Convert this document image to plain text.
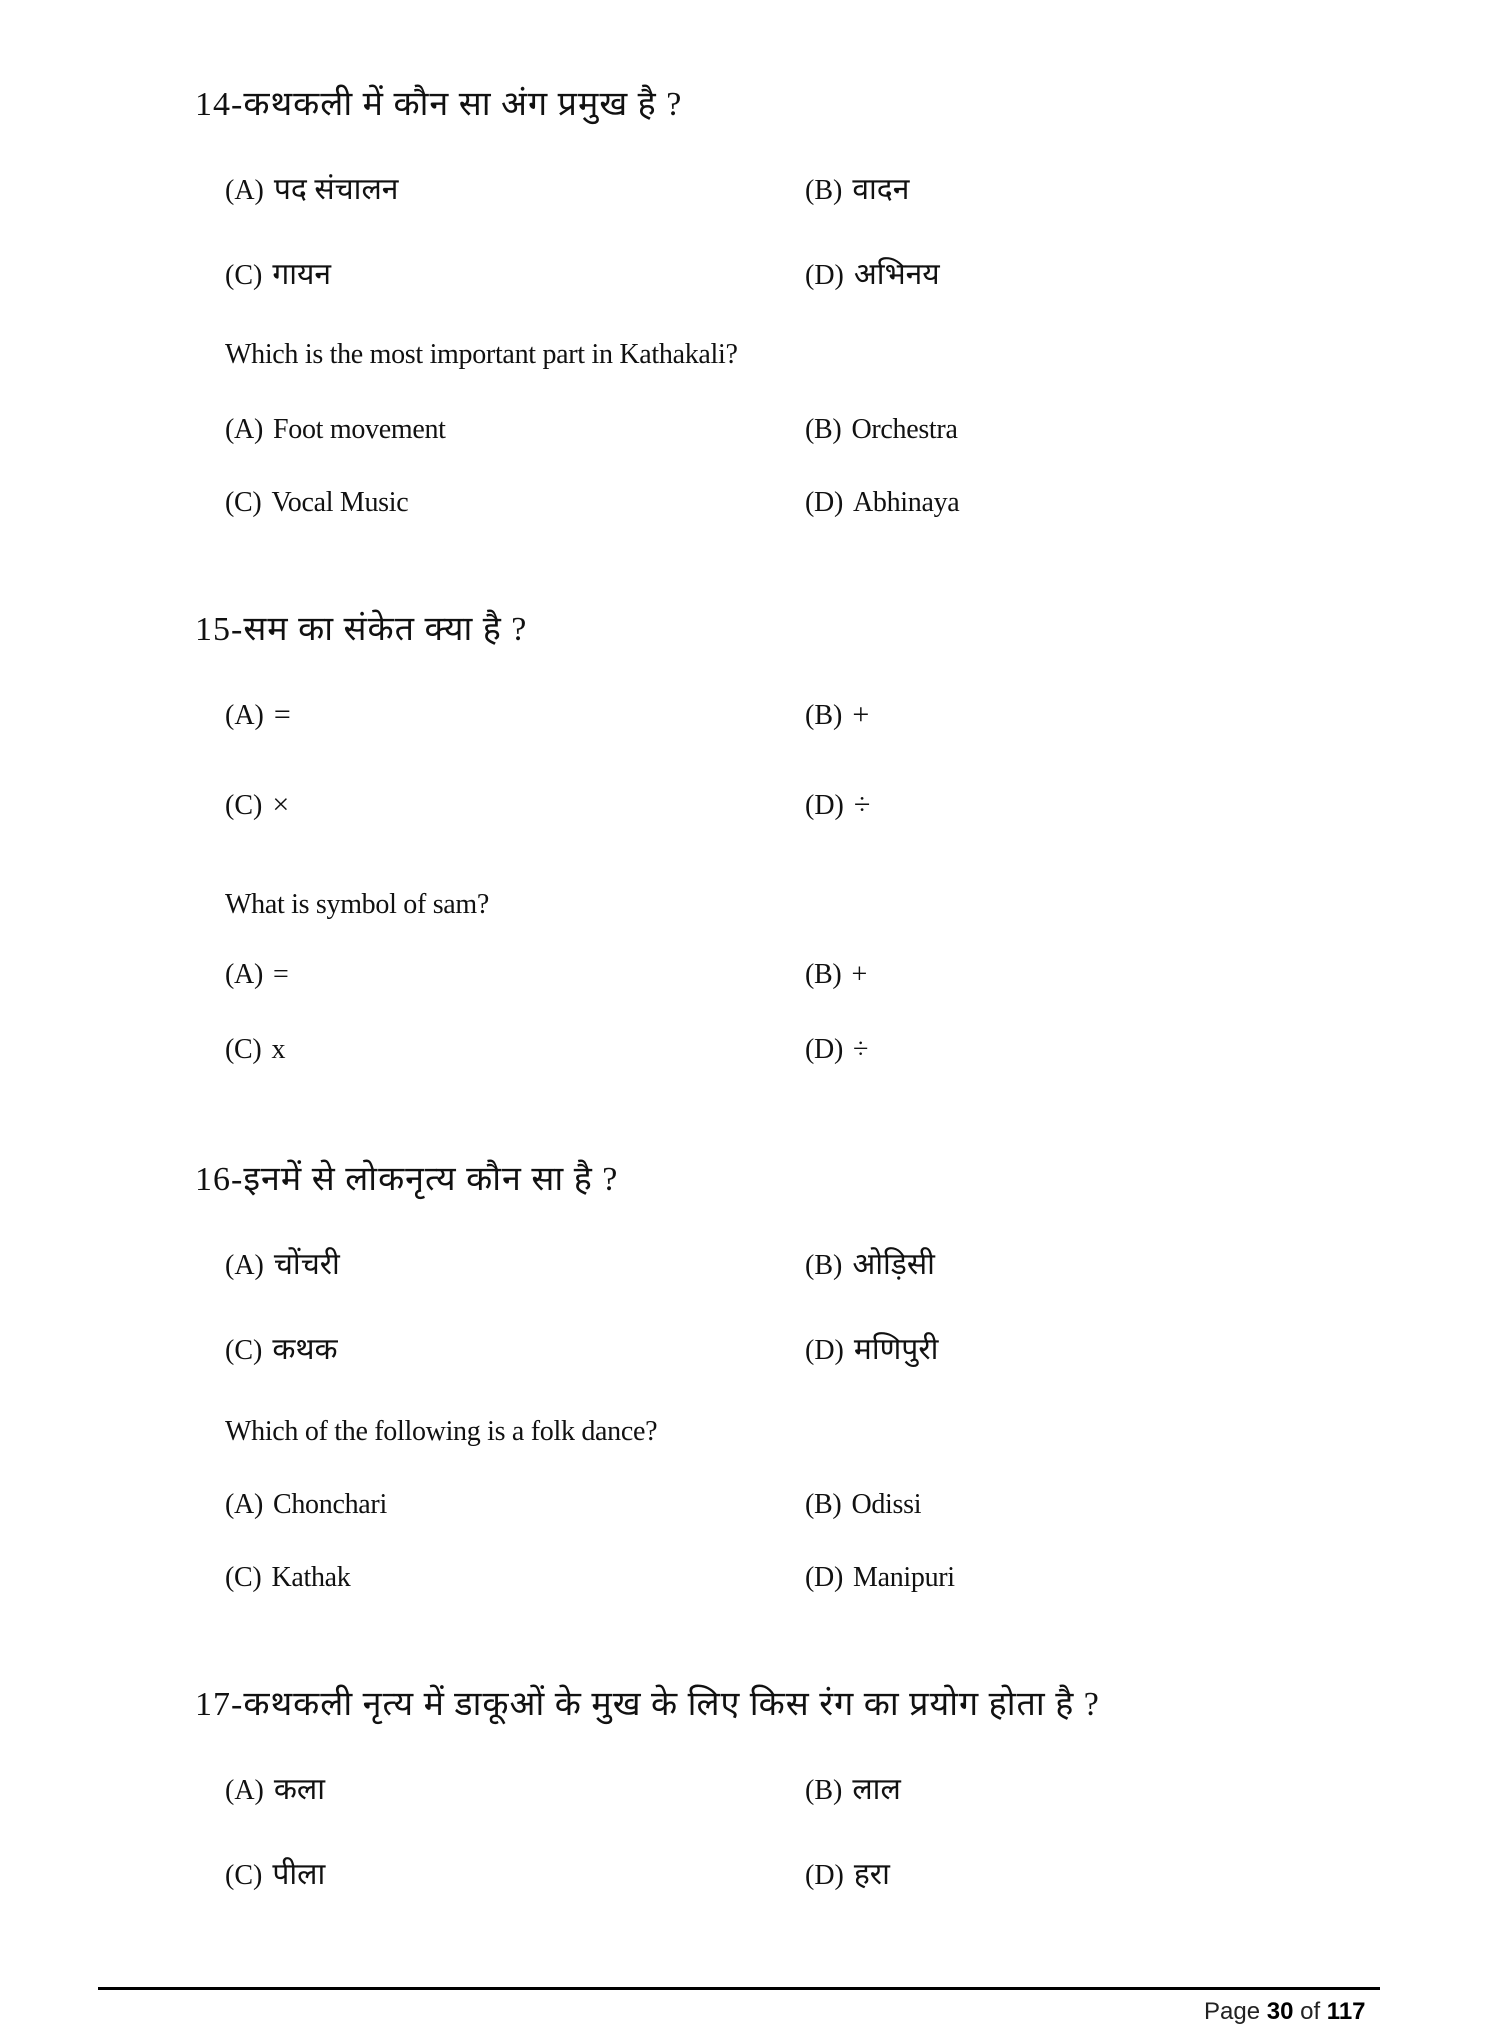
14-कथकली में कौन सा अंग प्रमुख है ?
(A) पद संचालन	(B) वादन
(C) गायन	(D) अभिनय
Which is the most important part in Kathakali?
(A) Foot movement	(B) Orchestra
(C) Vocal Music	(D) Abhinaya
15-सम का संकेत क्या है ?
(A) =	(B) +
(C) ×	(D) ÷
What is symbol of sam?
(A) =	(B) +
(C) x	(D) ÷
16-इनमें से लोकनृत्य कौन सा है ?
(A) चोंचरी	(B) ओड़िसी
(C) कथक	(D) मणिपुरी
Which of the following is a folk dance?
(A) Chonchari	(B) Odissi
(C) Kathak	(D) Manipuri
17-कथकली नृत्य में डाकूओं के मुख के लिए किस रंग का प्रयोग होता है ?
(A) कला	(B) लाल
(C) पीला	(D) हरा
Page 30 of 117
